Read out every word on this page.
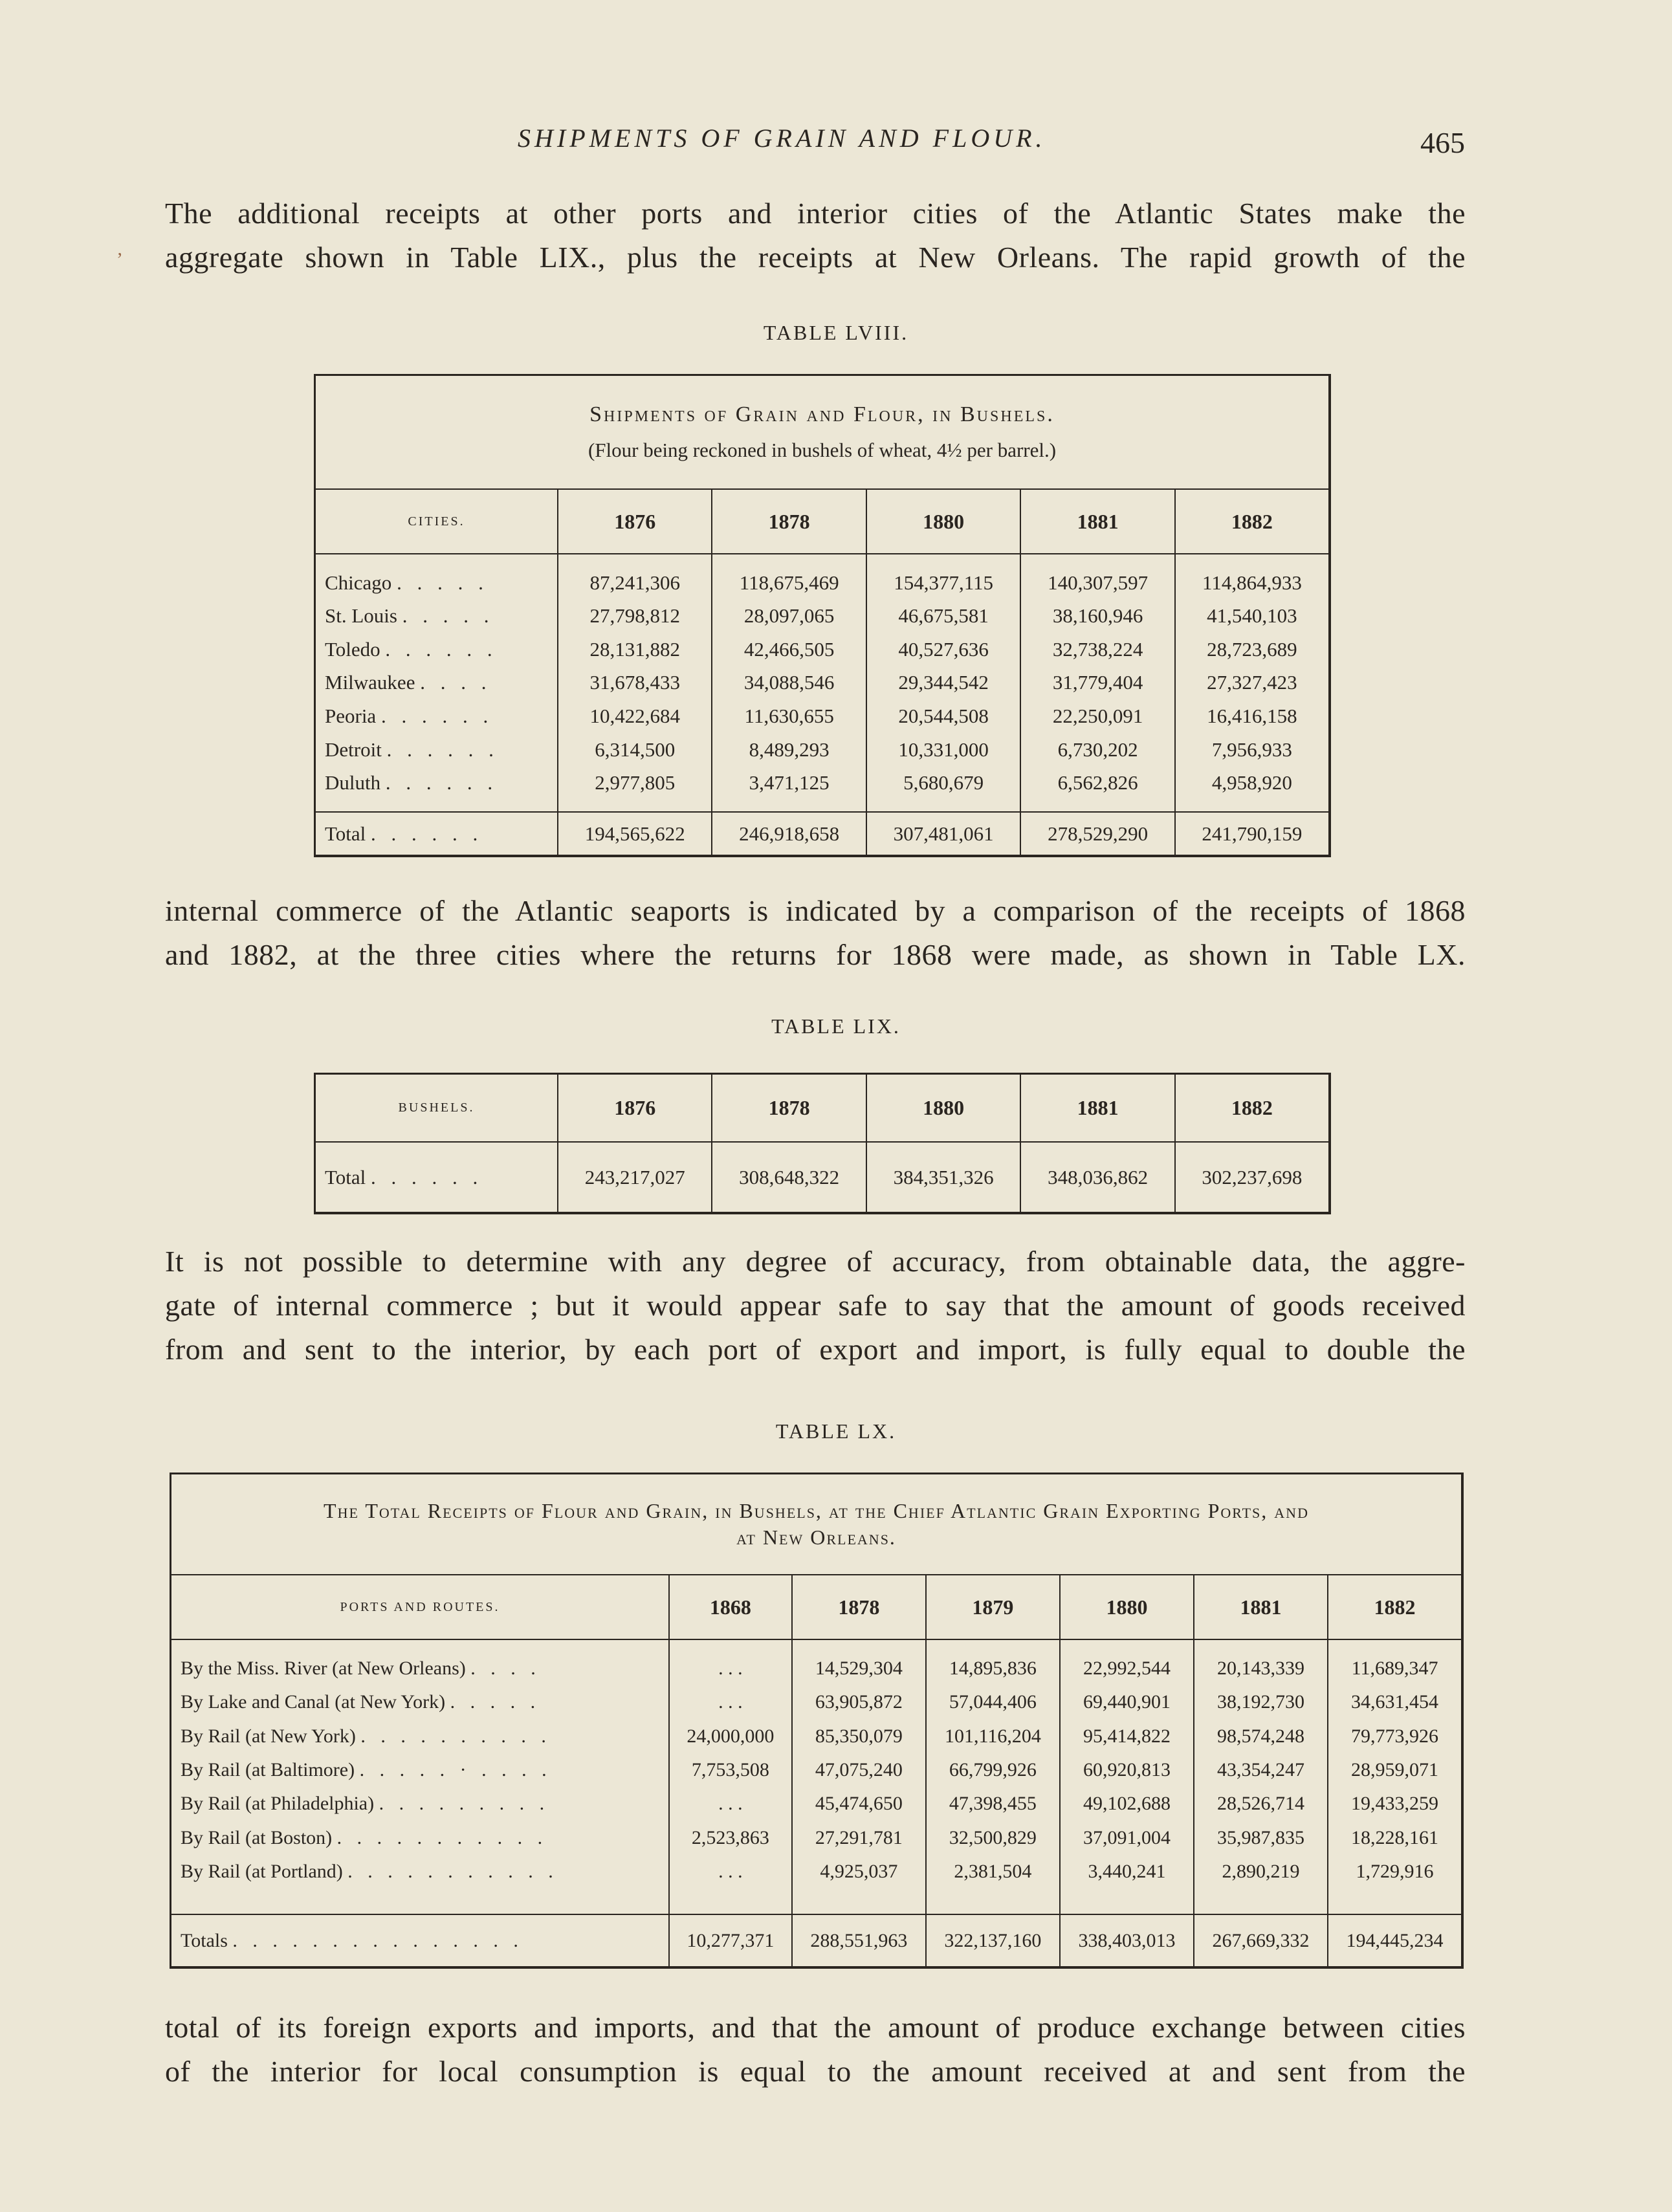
SHIPMENTS OF GRAIN AND FLOUR.	465
‚
The additional receipts at other ports and interior cities of the Atlantic States make the
aggregate shown in Table LIX., plus the receipts at New Orleans. The rapid growth of the
TABLE LVIII.
Shipments of Grain and Flour, in Bushels.
(Flour being reckoned in bushels of wheat, 4½ per barrel.)					

CITIES.	1876	1878	1880	1881	1882

Chicago . . . . .	87,241,306	118,675,469	154,377,115	140,307,597	114,864,933
St. Louis . . . . .	27,798,812	28,097,065	46,675,581	38,160,946	41,540,103
Toledo . . . . . .	28,131,882	42,466,505	40,527,636	32,738,224	28,723,689
Milwaukee . . . .	31,678,433	34,088,546	29,344,542	31,779,404	27,327,423
Peoria . . . . . .	10,422,684	11,630,655	20,544,508	22,250,091	16,416,158
Detroit . . . . . .	6,314,500	8,489,293	10,331,000	6,730,202	7,956,933
Duluth . . . . . .	2,977,805	3,471,125	5,680,679	6,562,826	4,958,920

Total . . . . . .	194,565,622	246,918,658	307,481,061	278,529,290	241,790,159
internal commerce of the Atlantic seaports is indicated by a comparison of the receipts of 1868
and 1882, at the three cities where the returns for 1868 were made, as shown in Table LX.
TABLE LIX.
BUSHELS.	1876	1878	1880	1881	1882
Total . . . . . .	243,217,027	308,648,322	384,351,326	348,036,862	302,237,698
It is not possible to determine with any degree of accuracy, from obtainable data, the aggre-
gate of internal commerce ; but it would appear safe to say that the amount of goods received
from and sent to the interior, by each port of export and import, is fully equal to double the
TABLE LX.
The Total Receipts of Flour and Grain, in Bushels, at the Chief Atlantic Grain Exporting Ports, and
at New Orleans.						

PORTS AND ROUTES.	1868	1878	1879	1880	1881	1882

By the Miss. River (at New Orleans) . . . .	. . .	14,529,304	14,895,836	22,992,544	20,143,339	11,689,347
By Lake and Canal (at New York) . . . . .	. . .	63,905,872	57,044,406	69,440,901	38,192,730	34,631,454
By Rail (at New York) . . . . . . . . . .	24,000,000	85,350,079	101,116,204	95,414,822	98,574,248	79,773,926
By Rail (at Baltimore) . . . . . · . . . .	7,753,508	47,075,240	66,799,926	60,920,813	43,354,247	28,959,071
By Rail (at Philadelphia) . . . . . . . . .	. . .	45,474,650	47,398,455	49,102,688	28,526,714	19,433,259
By Rail (at Boston) . . . . . . . . . . .	2,523,863	27,291,781	32,500,829	37,091,004	35,987,835	18,228,161
By Rail (at Portland) . . . . . . . . . . .	. . .	4,925,037	2,381,504	3,440,241	2,890,219	1,729,916

Totals . . . . . . . . . . . . . . .	10,277,371	288,551,963	322,137,160	338,403,013	267,669,332	194,445,234
total of its foreign exports and imports, and that the amount of produce exchange between cities
of the interior for local consumption is equal to the amount received at and sent from the
